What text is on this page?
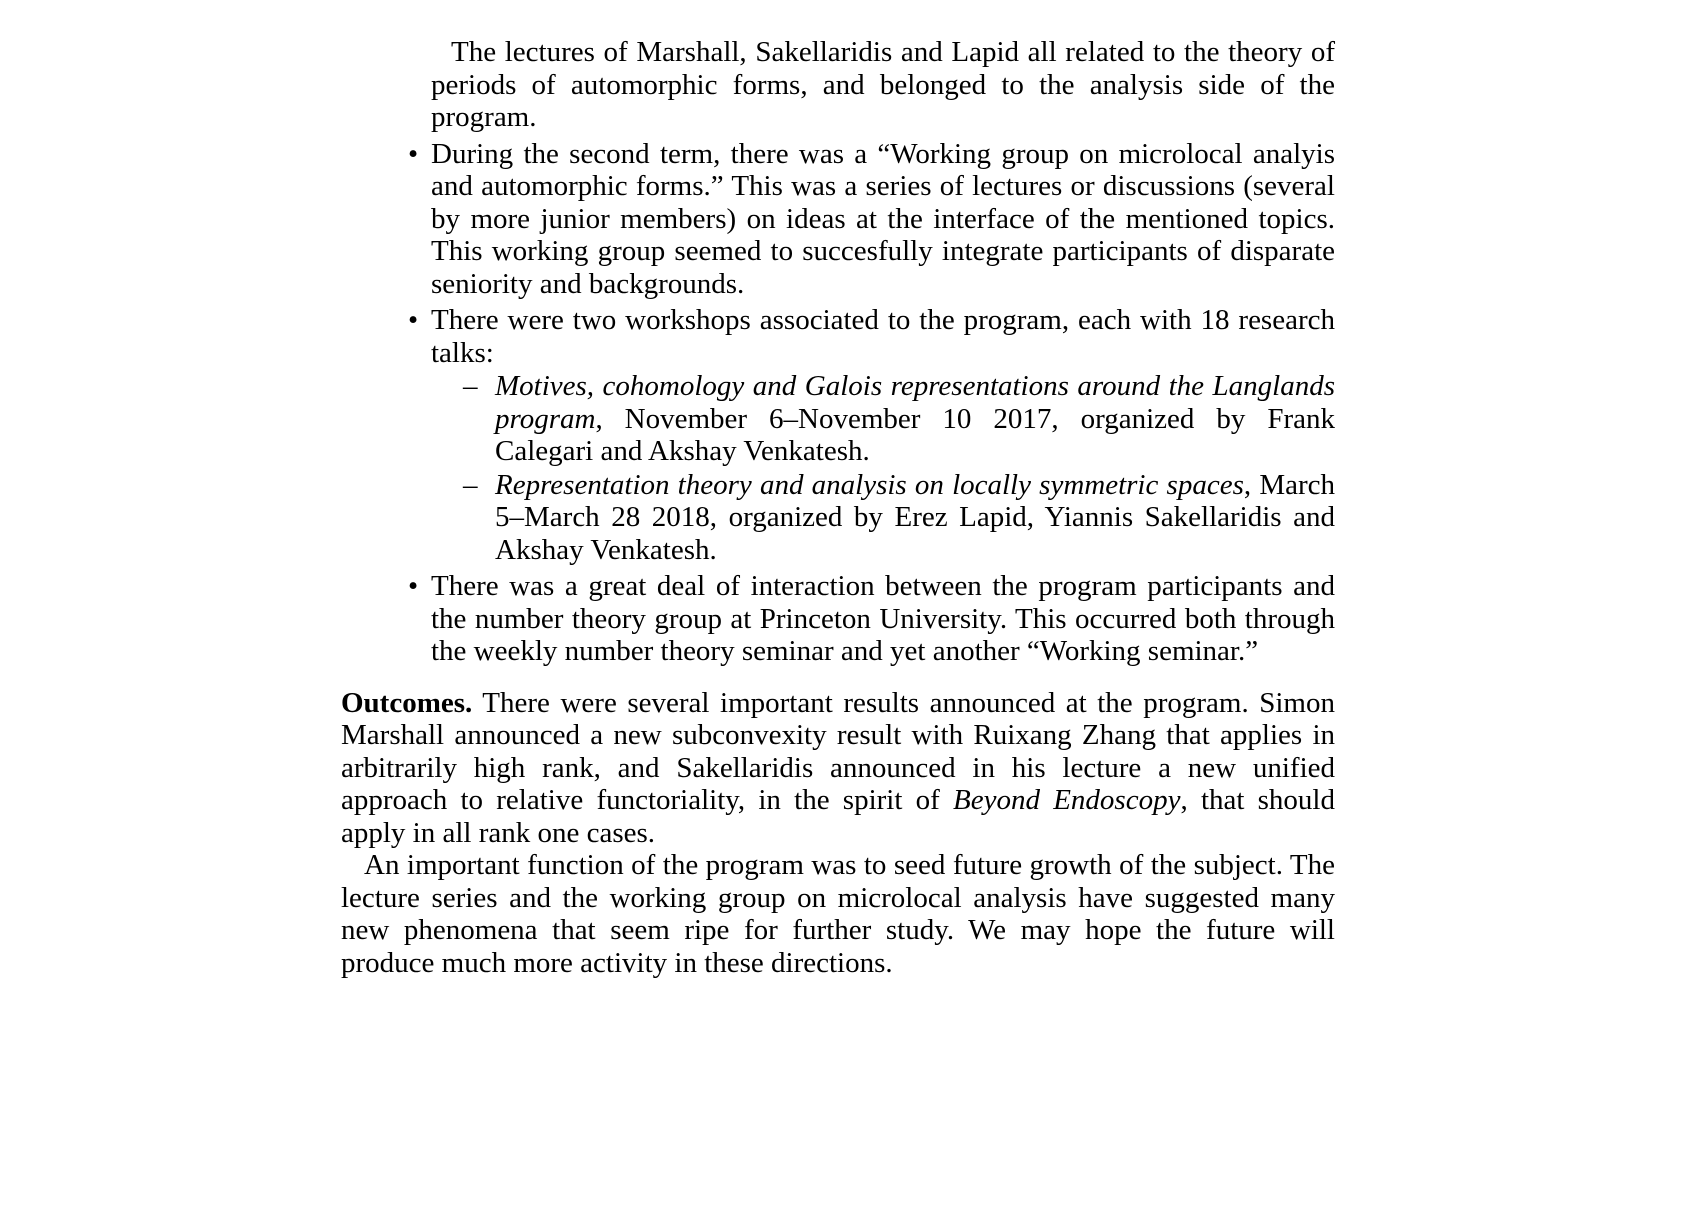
The lectures of Marshall, Sakellaridis and Lapid all related to the theory of periods of automorphic forms, and belonged to the analysis side of the program.

• During the second term, there was a “Working group on microlocal analyis and automorphic forms.” This was a series of lectures or discussions (several by more junior members) on ideas at the interface of the mentioned topics. This working group seemed to succesfully integrate participants of disparate seniority and backgrounds.

• There were two workshops associated to the program, each with 18 research talks:

– Motives, cohomology and Galois representations around the Langlands program, November 6–November 10 2017, organized by Frank Calegari and Akshay Venkatesh.

– Representation theory and analysis on locally symmetric spaces, March 5–March 28 2018, organized by Erez Lapid, Yiannis Sakellaridis and Akshay Venkatesh.

• There was a great deal of interaction between the program participants and the number theory group at Princeton University. This occurred both through the weekly number theory seminar and yet another “Working seminar.”

Outcomes. There were several important results announced at the program. Simon Marshall announced a new subconvexity result with Ruixang Zhang that applies in arbitrarily high rank, and Sakellaridis announced in his lecture a new unified approach to relative functoriality, in the spirit of Beyond Endoscopy, that should apply in all rank one cases.

An important function of the program was to seed future growth of the subject. The lecture series and the working group on microlocal analysis have suggested many new phenomena that seem ripe for further study. We may hope the future will produce much more activity in these directions.
